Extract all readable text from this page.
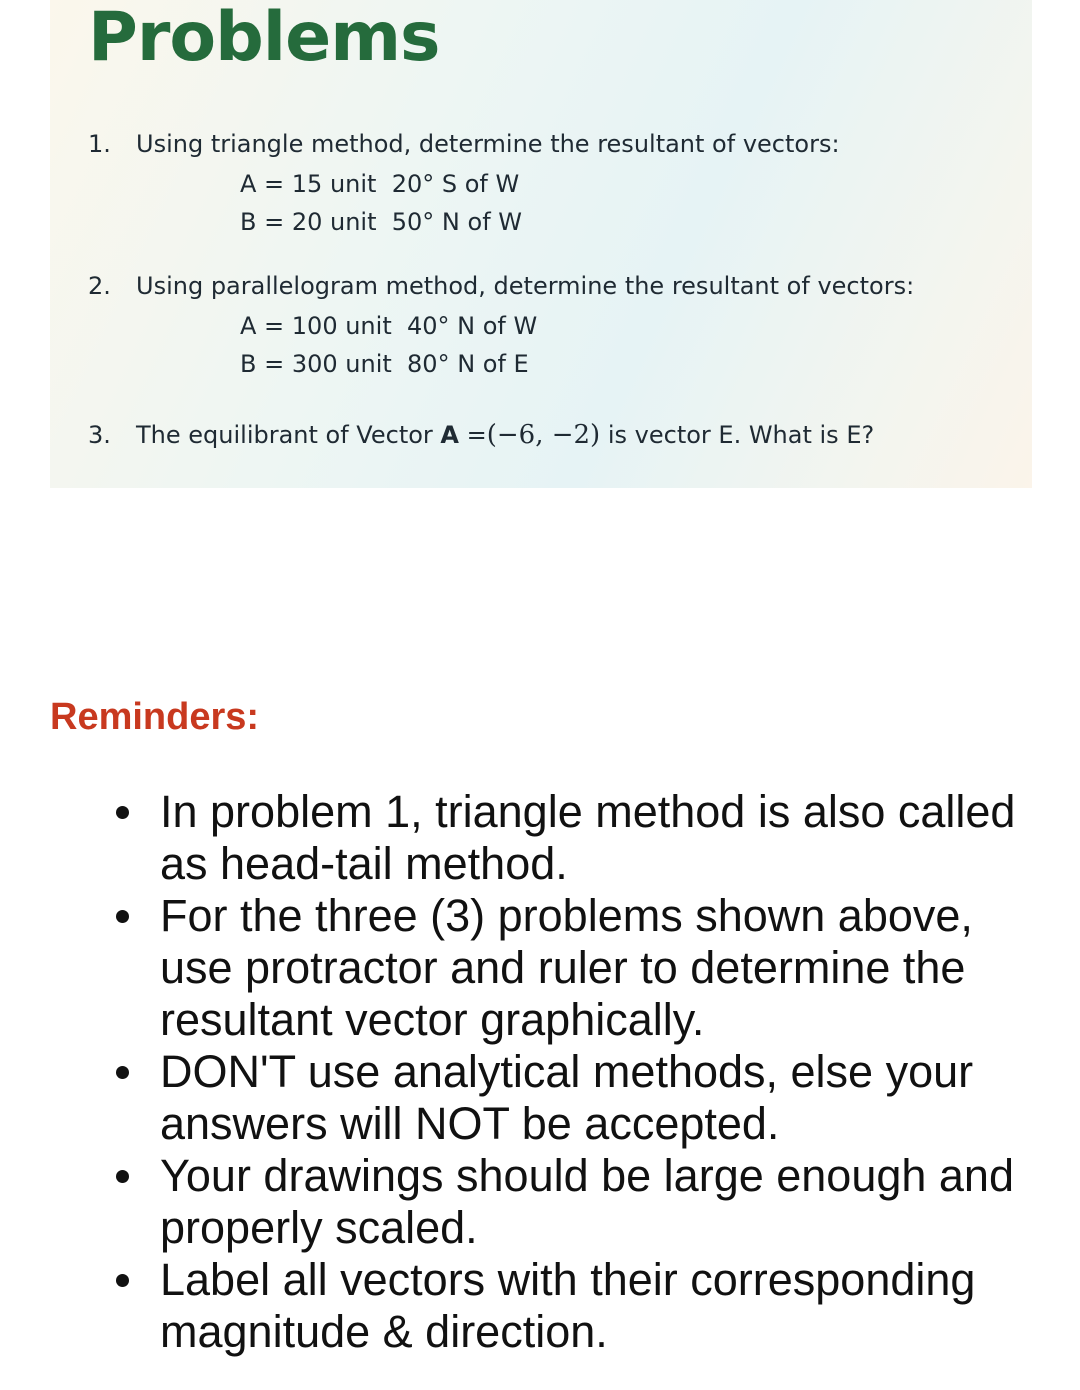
Problems
1. Using triangle method, determine the resultant of vectors:
A = 15 unit  20° S of W
B = 20 unit  50° N of W
2. Using parallelogram method, determine the resultant of vectors:
A = 100 unit  40° N of W
B = 300 unit  80° N of E
3. The equilibrant of Vector A =(−6, −2) is vector E. What is E?
Reminders:
In problem 1, triangle method is also called as head-tail method.
For the three (3) problems shown above, use protractor and ruler to determine the resultant vector graphically.
DON'T use analytical methods, else your answers will NOT be accepted.
Your drawings should be large enough and properly scaled.
Label all vectors with their corresponding magnitude & direction.
